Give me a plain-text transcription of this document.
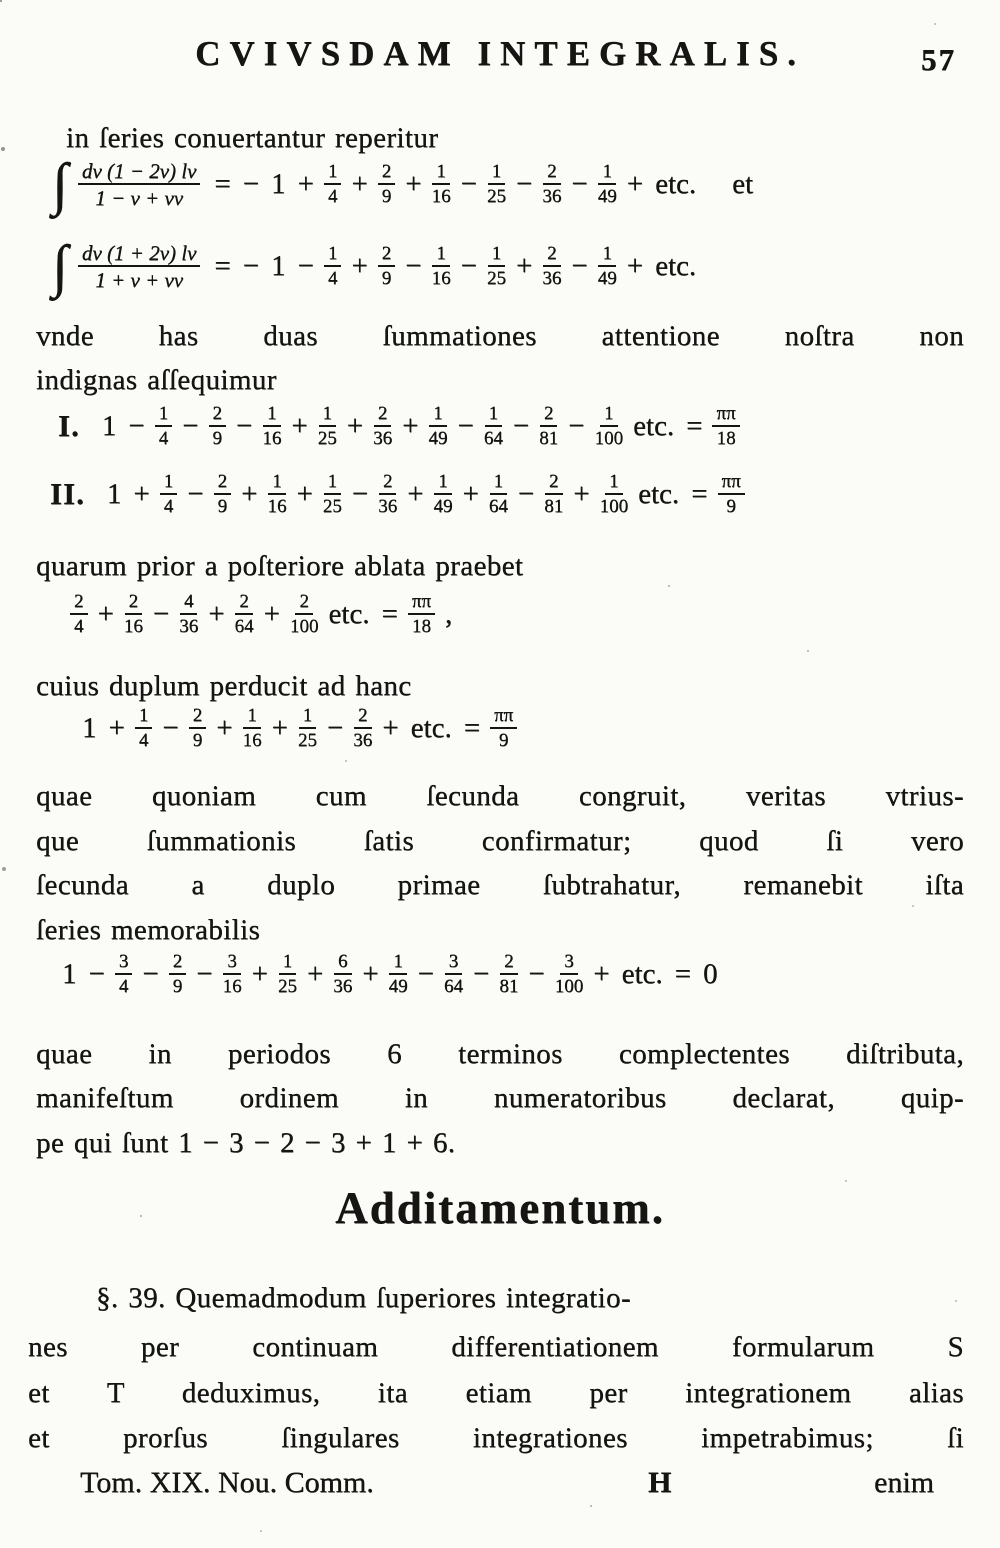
CVIVSDAM INTEGRALIS.	57
in ſeries conuertantur reperitur
∫ $\frac{dv (1 - 2v) lv}{1 - v + vv}$ = − $1 + \frac{1}{4} + \frac{2}{9} + \frac{1}{16} - \frac{1}{25} - \frac{2}{36} - \frac{1}{49}$ + etc. et
∫ $\frac{dv (1 + 2v) lv}{1 + v + vv}$ = − $1 - \frac{1}{4} + \frac{2}{9} - \frac{1}{16} - \frac{1}{25} + \frac{2}{36} - \frac{1}{49}$ + etc.
vnde has duas ſummationes attentione noſtra non
indignas aſſequimur
I. $1 - \frac{1}{4} - \frac{2}{9} - \frac{1}{16} + \frac{1}{25} + \frac{2}{36} + \frac{1}{49} - \frac{1}{64} - \frac{2}{81} - \frac{1}{100}$ etc. = $\frac{\pi\pi}{18}$
II. $1 + \frac{1}{4} - \frac{2}{9} + \frac{1}{16} + \frac{1}{25} - \frac{2}{36} + \frac{1}{49} + \frac{1}{64} - \frac{2}{81} + \frac{1}{100}$ etc. = $\frac{\pi\pi}{9}$
quarum prior a poſteriore ablata praebet
$\frac{2}{4} + \frac{2}{16} - \frac{4}{36} + \frac{2}{64} + \frac{2}{100}$ etc. = $\frac{\pi\pi}{18}$ ,
cuius duplum perducit ad hanc
$1 + \frac{1}{4} - \frac{2}{9} + \frac{1}{16} + \frac{1}{25} - \frac{2}{36}$ + etc. = $\frac{\pi\pi}{9}$
quae quoniam cum ſecunda congruit, veritas vtrius-
que ſummationis ſatis confirmatur; quod ſi vero
ſecunda a duplo primae ſubtrahatur, remanebit iſta
ſeries memorabilis
$1 - \frac{3}{4} - \frac{2}{9} - \frac{3}{16} + \frac{1}{25} + \frac{6}{36} + \frac{1}{49} - \frac{3}{64} - \frac{2}{81} - \frac{3}{100}$ + etc. = 0
quae in periodos 6 terminos complectentes diſtributa,
manifeſtum ordinem in numeratoribus declarat, quip-
pe qui ſunt 1 − 3 − 2 − 3 + 1 + 6.
Additamentum.
§. 39. Quemadmodum ſuperiores integratio-
nes per continuam differentiationem formularum S
et T deduximus, ita etiam per integrationem alias
et prorſus ſingulares integrationes impetrabimus; ſi
Tom. XIX. Nou. Comm.	H	enim
